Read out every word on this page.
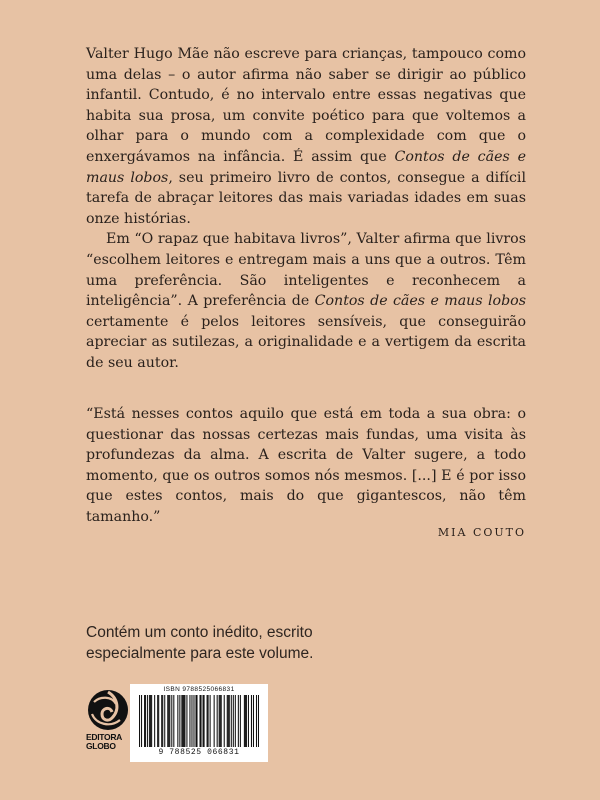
Valter Hugo Mãe não escreve para crianças, tampouco como uma delas – o autor afirma não saber se dirigir ao público infantil. Contudo, é no intervalo entre essas negativas que habita sua prosa, um convite poético para que voltemos a olhar para o mundo com a complexidade com que o enxergávamos na infância. É assim que Contos de cães e maus lobos, seu primeiro livro de contos, consegue a difícil tarefa de abraçar leitores das mais variadas idades em suas onze histórias.

Em “O rapaz que habitava livros”, Valter afirma que livros “escolhem leitores e entregam mais a uns que a outros. Têm uma preferência. São inteligentes e reconhecem a inteligência”. A preferência de Contos de cães e maus lobos certamente é pelos leitores sensíveis, que conseguirão apreciar as sutilezas, a originalidade e a vertigem da escrita de seu autor.

“Está nesses contos aquilo que está em toda a sua obra: o questionar das nossas certezas mais fundas, uma visita às profundezas da alma. A escrita de Valter sugere, a todo momento, que os outros somos nós mesmos. [...] E é por isso que estes contos, mais do que gigantescos, não têm tamanho.”
MIA COUTO
Contém um conto inédito, escrito
especialmente para este volume.
EDITORA
GLOBO
ISBN 9788525066831
9 788525 066831
